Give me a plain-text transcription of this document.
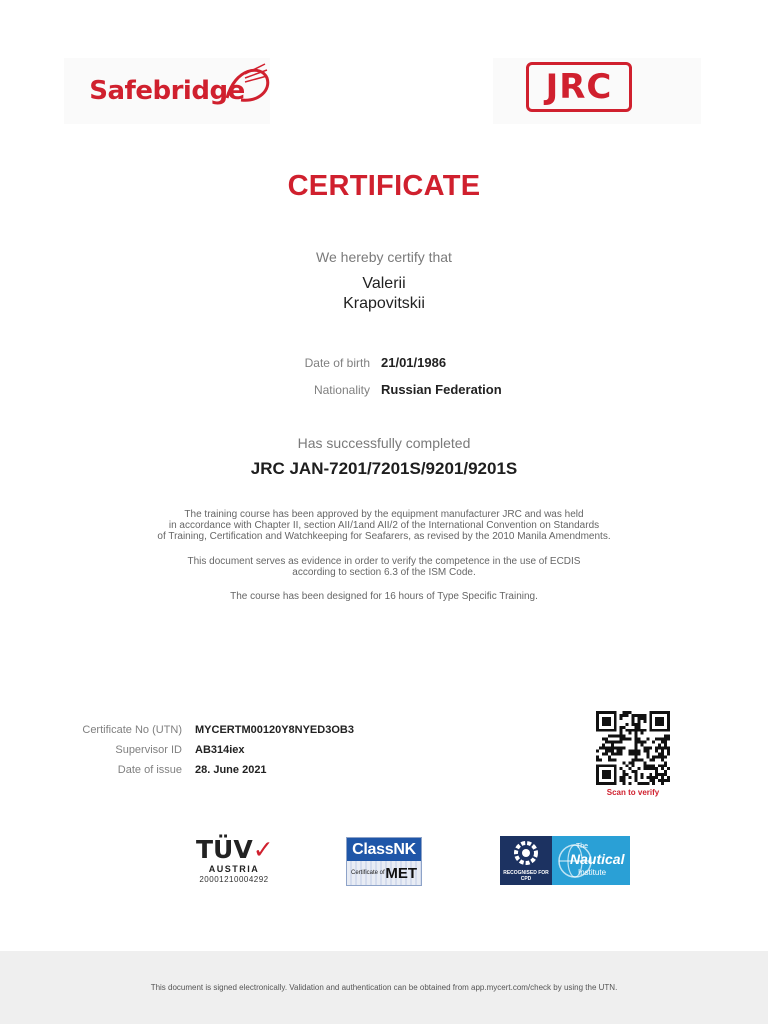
Safebridge	JRC
CERTIFICATE
We hereby certify that
Valerii
Krapovitskii
Date of birth 21/01/1986
Nationality Russian Federation
Has successfully completed
JRC JAN-7201/7201S/9201/9201S
The training course has been approved by the equipment manufacturer JRC and was held
in accordance with Chapter II, section AII/1and AII/2 of the International Convention on Standards
of Training, Certification and Watchkeeping for Seafarers, as revised by the 2010 Manila Amendments.
This document serves as evidence in order to verify the competence in the use of ECDIS
according to section 6.3 of the ISM Code.
The course has been designed for 16 hours of Type Specific Training.
Certificate No (UTN) MYCERTM00120Y8NYED3OB3
Supervisor ID AB314iex
Date of issue 28. June 2021
Scan to verify
TÜV✓
AUSTRIA
20001210004292
ClassNK
Certificate of MET	RECOGNISED FOR CPD
The
Nautical
Institute
This document is signed electronically. Validation and authentication can be obtained from app.mycert.com/check by using the UTN.
